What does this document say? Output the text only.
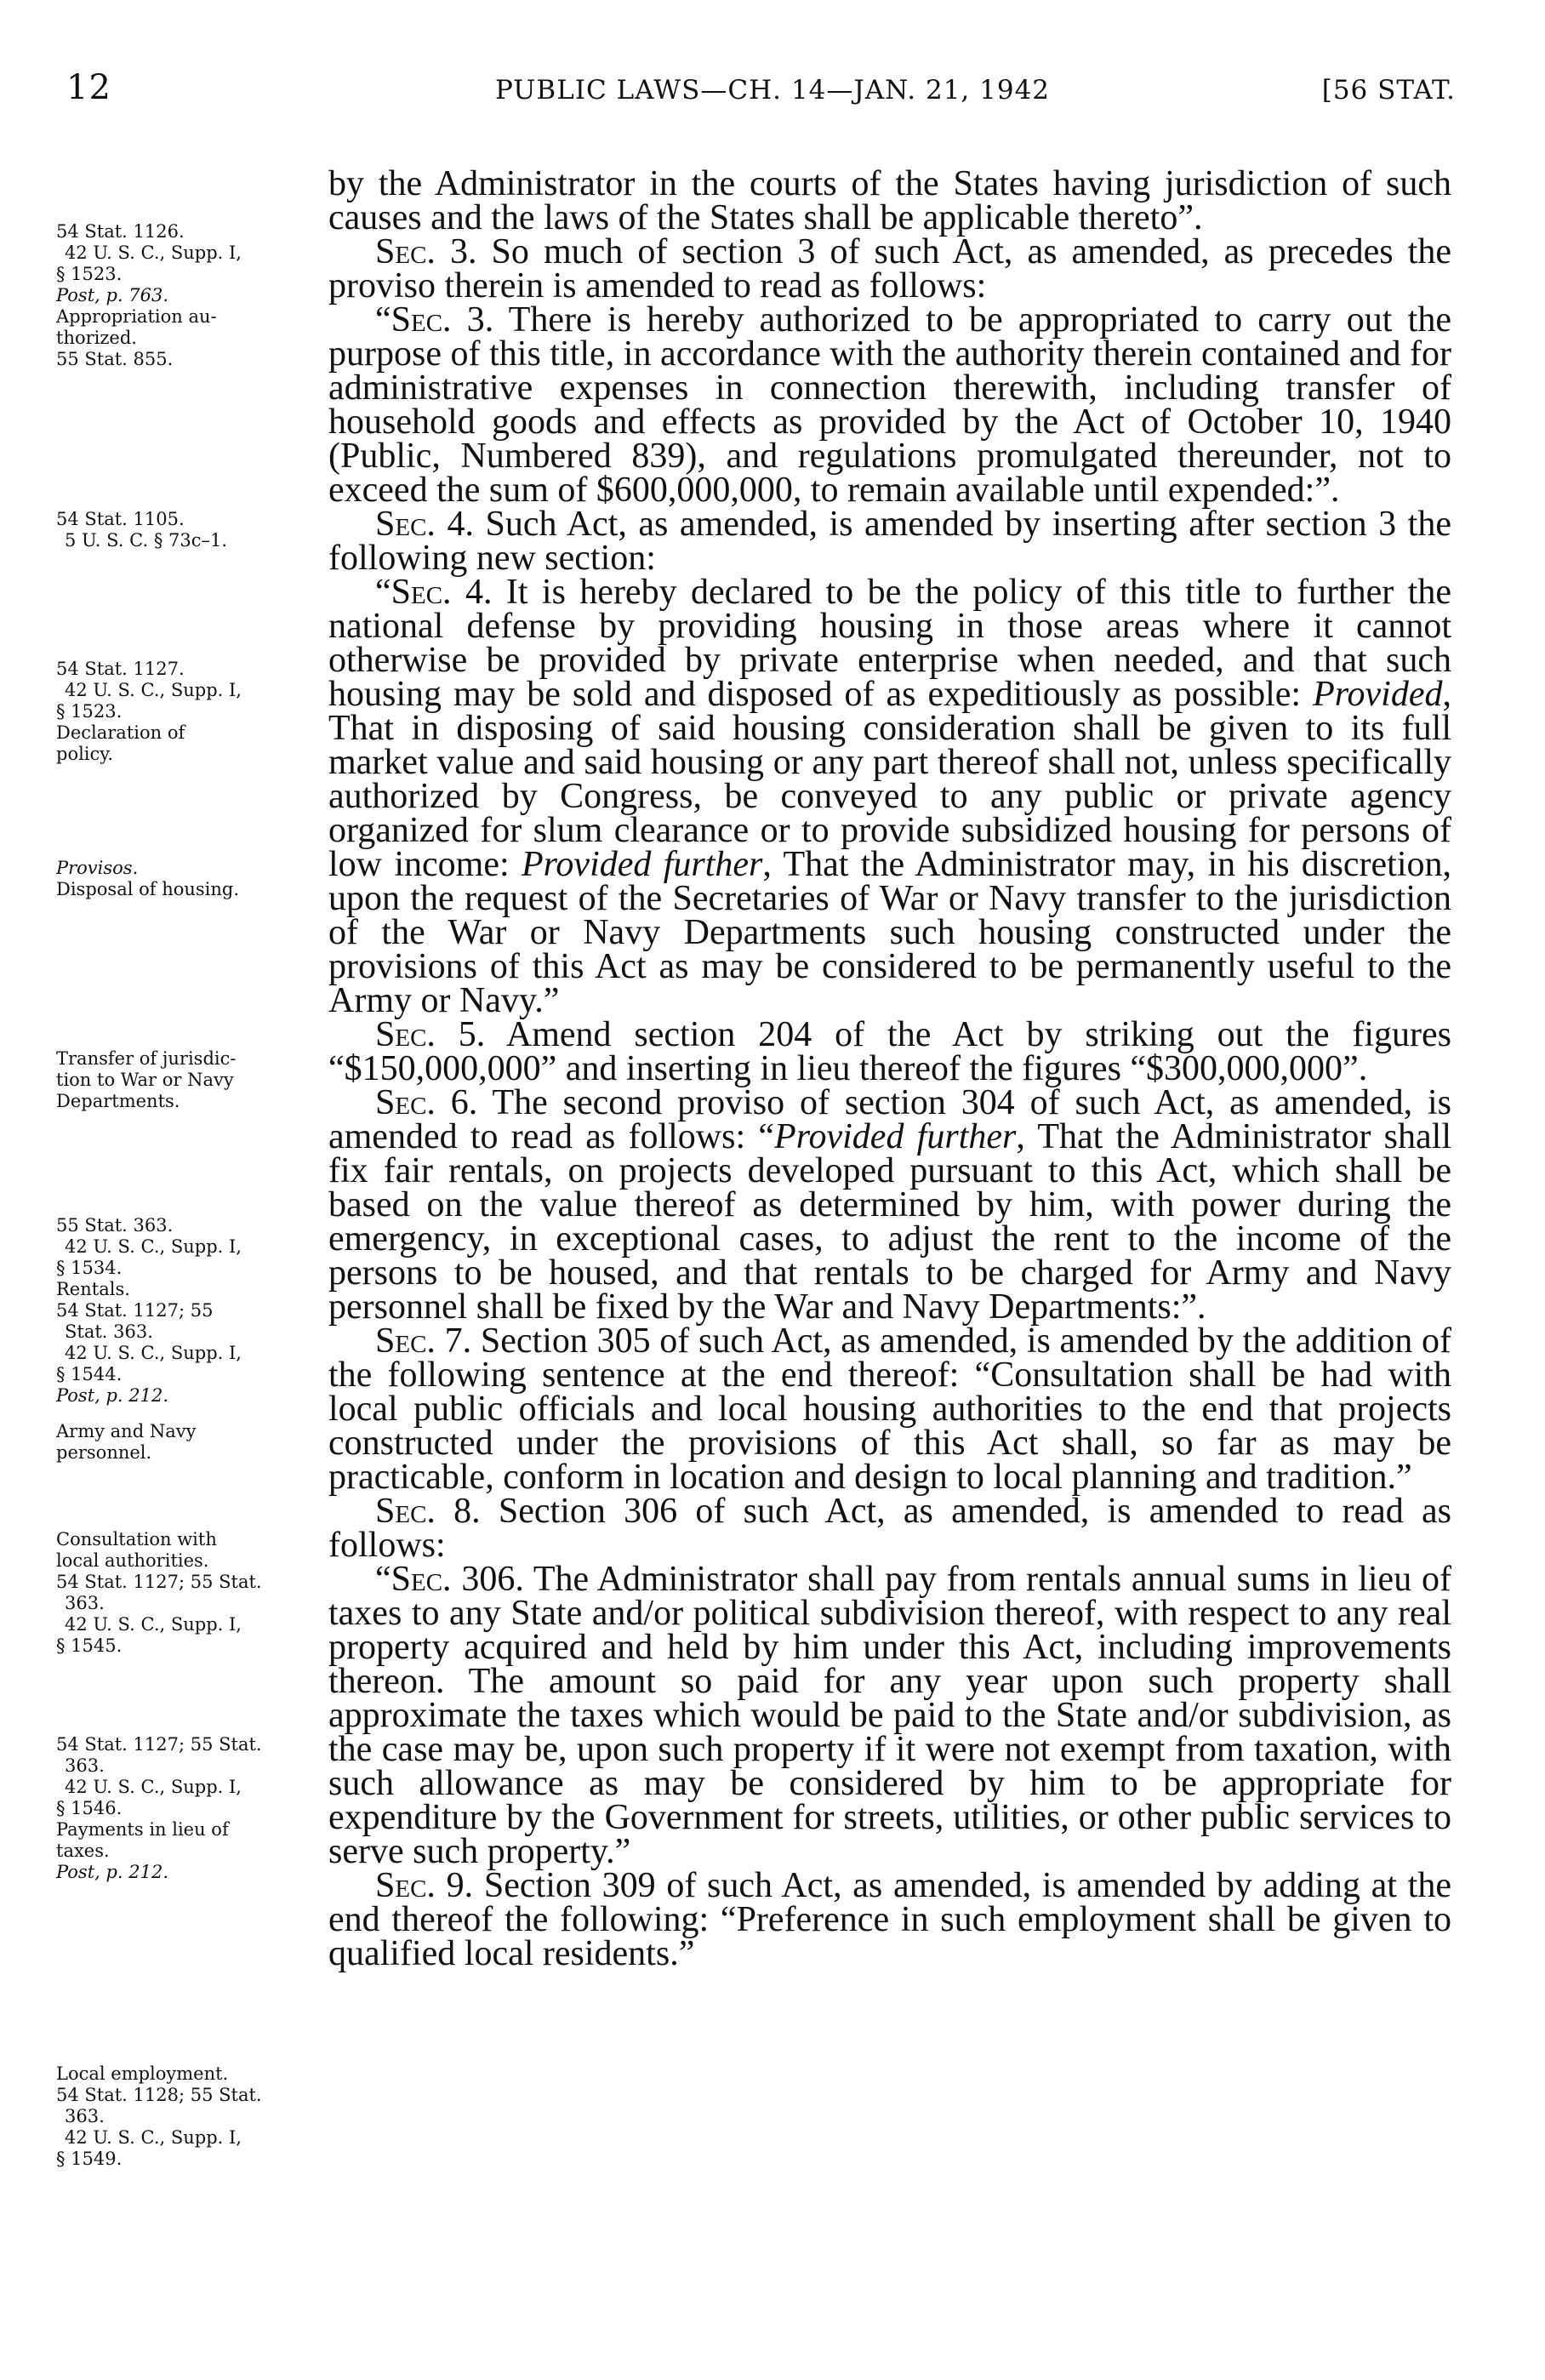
12	PUBLIC LAWS—CH. 14—JAN. 21, 1942	[56 STAT.
54 Stat. 1126.
42 U. S. C., Supp. I,
§ 1523.
Post, p. 763.
Appropriation au-
thorized.
55 Stat. 855.
54 Stat. 1105.
5 U. S. C. § 73c–1.
54 Stat. 1127.
42 U. S. C., Supp. I,
§ 1523.
Declaration of
policy.
Provisos.
Disposal of housing.
Transfer of jurisdic-
tion to War or Navy
Departments.
55 Stat. 363.
42 U. S. C., Supp. I,
§ 1534.
Rentals.
54 Stat. 1127; 55
Stat. 363.
42 U. S. C., Supp. I,
§ 1544.
Post, p. 212.
Army and Navy
personnel.
Consultation with
local authorities.
54 Stat. 1127; 55 Stat.
363.
42 U. S. C., Supp. I,
§ 1545.
54 Stat. 1127; 55 Stat.
363.
42 U. S. C., Supp. I,
§ 1546.
Payments in lieu of
taxes.
Post, p. 212.
Local employment.
54 Stat. 1128; 55 Stat.
363.
42 U. S. C., Supp. I,
§ 1549.

by the Administrator in the courts of the States having jurisdiction of such causes and the laws of the States shall be applicable thereto”.

Sec. 3. So much of section 3 of such Act, as amended, as precedes the proviso therein is amended to read as follows:

“Sec. 3. There is hereby authorized to be appropriated to carry out the purpose of this title, in accordance with the authority therein contained and for administrative expenses in connection therewith, including transfer of household goods and effects as provided by the Act of October 10, 1940 (Public, Numbered 839), and regulations promulgated thereunder, not to exceed the sum of $600,000,000, to remain available until expended:”.

Sec. 4. Such Act, as amended, is amended by inserting after section 3 the following new section:

“Sec. 4. It is hereby declared to be the policy of this title to further the national defense by providing housing in those areas where it cannot otherwise be provided by private enterprise when needed, and that such housing may be sold and disposed of as expeditiously as possible: Provided, That in disposing of said housing consideration shall be given to its full market value and said housing or any part thereof shall not, unless specifically authorized by Congress, be conveyed to any public or private agency organized for slum clearance or to provide subsidized housing for persons of low income: Provided further, That the Administrator may, in his discretion, upon the request of the Secretaries of War or Navy transfer to the jurisdiction of the War or Navy Departments such housing constructed under the provisions of this Act as may be considered to be permanently useful to the Army or Navy.”

Sec. 5. Amend section 204 of the Act by striking out the figures “$150,000,000” and inserting in lieu thereof the figures “$300,000,000”.

Sec. 6. The second proviso of section 304 of such Act, as amended, is amended to read as follows: “Provided further, That the Administrator shall fix fair rentals, on projects developed pursuant to this Act, which shall be based on the value thereof as determined by him, with power during the emergency, in exceptional cases, to adjust the rent to the income of the persons to be housed, and that rentals to be charged for Army and Navy personnel shall be fixed by the War and Navy Departments:”.

Sec. 7. Section 305 of such Act, as amended, is amended by the addition of the following sentence at the end thereof: “Consultation shall be had with local public officials and local housing authorities to the end that projects constructed under the provisions of this Act shall, so far as may be practicable, conform in location and design to local planning and tradition.”

Sec. 8. Section 306 of such Act, as amended, is amended to read as follows:

“Sec. 306. The Administrator shall pay from rentals annual sums in lieu of taxes to any State and/or political subdivision thereof, with respect to any real property acquired and held by him under this Act, including improvements thereon. The amount so paid for any year upon such property shall approximate the taxes which would be paid to the State and/or subdivision, as the case may be, upon such property if it were not exempt from taxation, with such allowance as may be considered by him to be appropriate for expenditure by the Government for streets, utilities, or other public services to serve such property.”

Sec. 9. Section 309 of such Act, as amended, is amended by adding at the end thereof the following: “Preference in such employment shall be given to qualified local residents.”
